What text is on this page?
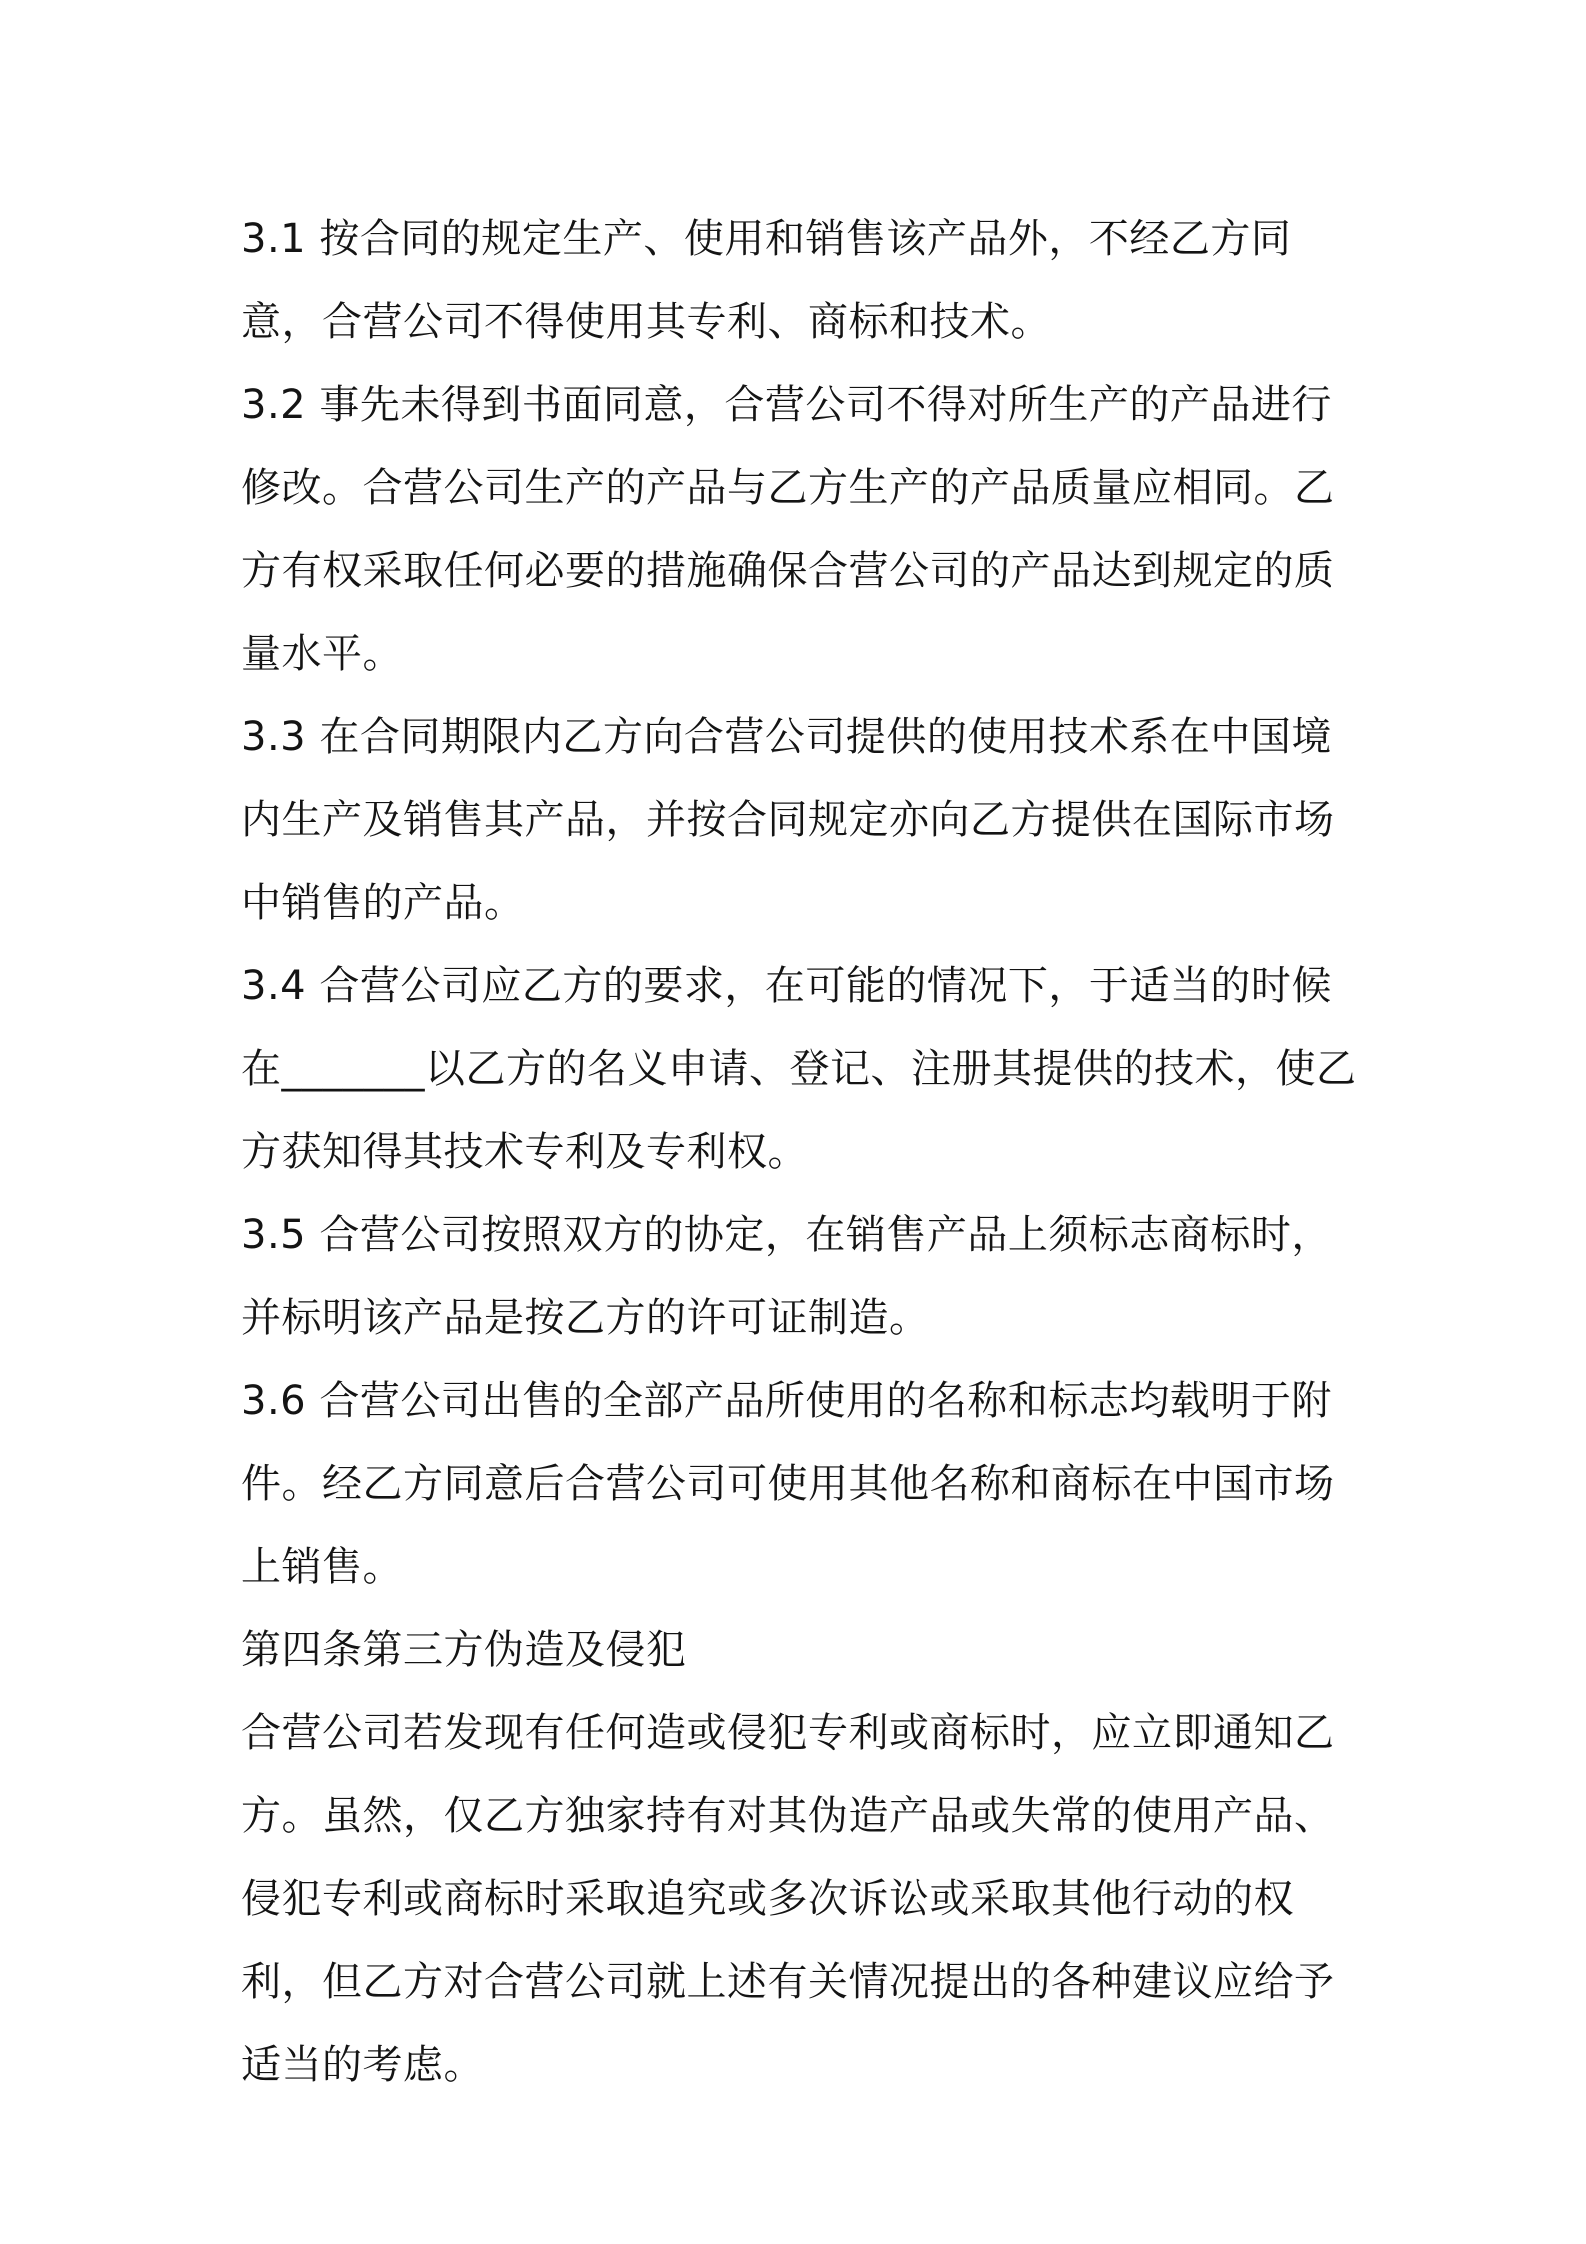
3.1 按合同的规定生产、使用和销售该产品外，不经乙方同意，合营公司不得使用其专利、商标和技术。

3.2 事先未得到书面同意，合营公司不得对所生产的产品进行修改。合营公司生产的产品与乙方生产的产品质量应相同。乙方有权采取任何必要的措施确保合营公司的产品达到规定的质量水平。

3.3 在合同期限内乙方向合营公司提供的使用技术系在中国境内生产及销售其产品，并按合同规定亦向乙方提供在国际市场中销售的产品。

3.4 合营公司应乙方的要求，在可能的情况下，于适当的时候在_______以乙方的名义申请、登记、注册其提供的技术，使乙方获知得其技术专利及专利权。

3.5 合营公司按照双方的协定，在销售产品上须标志商标时，并标明该产品是按乙方的许可证制造。

3.6 合营公司出售的全部产品所使用的名称和标志均载明于附件。经乙方同意后合营公司可使用其他名称和商标在中国市场上销售。

第四条第三方伪造及侵犯

合营公司若发现有任何造或侵犯专利或商标时，应立即通知乙方。虽然，仅乙方独家持有对其伪造产品或失常的使用产品、侵犯专利或商标时采取追究或多次诉讼或采取其他行动的权利，但乙方对合营公司就上述有关情况提出的各种建议应给予适当的考虑。
